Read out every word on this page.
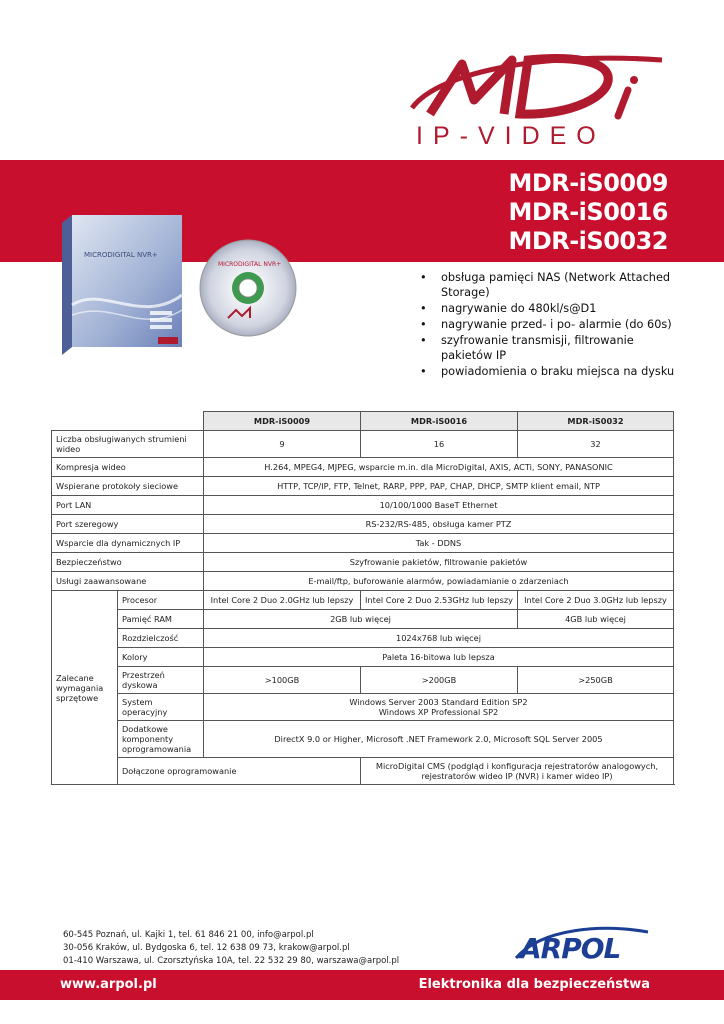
MDi
IP-VIDEO
MDR-iS0009
MDR-iS0016
MDR-iS0032
MICRODIGITAL NVR+
MICRODIGITAL NVR+
• obsługa pamięci NAS (Network Attached Storage)
• nagrywanie do 480kl/s@D1
• nagrywanie przed- i po- alarmie (do 60s)
• szyfrowanie transmisji, filtrowanie pakietów IP
• powiadomienia o braku miejsca na dysku
		MDR-iS0009	MDR-iS0016	MDR-iS0032
Liczba obsługiwanych strumieni wideo		9	16	32
Kompresja wideo		H.264, MPEG4, MJPEG, wsparcie m.in. dla MicroDigital, AXIS, ACTi, SONY, PANASONIC		
Wspierane protokoły sieciowe		HTTP, TCP/IP, FTP, Telnet, RARP, PPP, PAP, CHAP, DHCP, SMTP klient email, NTP		
Port LAN		10/100/1000 BaseT Ethernet		
Port szeregowy		RS-232/RS-485, obsługa kamer PTZ		
Wsparcie dla dynamicznych IP		Tak - DDNS		
Bezpieczeństwo		Szyfrowanie pakietów, filtrowanie pakietów		
Usługi zaawansowane		E-mail/ftp, buforowanie alarmów, powiadamianie o zdarzeniach		
Zalecane wymagania sprzętowe	Procesor	Intel Core 2 Duo 2.0GHz lub lepszy	Intel Core 2 Duo 2.53GHz lub lepszy	Intel Core 2 Duo 3.0GHz lub lepszy
	Pamięć RAM	2GB lub więcej		4GB lub więcej
	Rozdzielczość	1024x768 lub więcej		
	Kolory	Paleta 16-bitowa lub lepsza		
	Przestrzeń dyskowa	>100GB	>200GB	>250GB
	System operacyjny	Windows Server 2003 Standard Edition SP2
Windows XP Professional SP2		

	Dodatkowe komponenty oprogramowania	DirectX 9.0 or Higher, Microsoft .NET Framework 2.0, Microsoft SQL Server 2005		
	Dołączone oprogramowanie		MicroDigital CMS (podgląd i konfiguracja rejestratorów analogowych, rejestratorów wideo IP (NVR) i kamer wideo IP)	
60-545 Poznań, ul. Kajki 1, tel. 61 846 21 00, info@arpol.pl
30-056 Kraków, ul. Bydgoska 6, tel. 12 638 09 73, krakow@arpol.pl
01-410 Warszawa, ul. Czorsztyńska 10A, tel. 22 532 29 80, warszawa@arpol.pl	ARPOL
www.arpol.pl	Elektronika dla bezpieczeństwa
